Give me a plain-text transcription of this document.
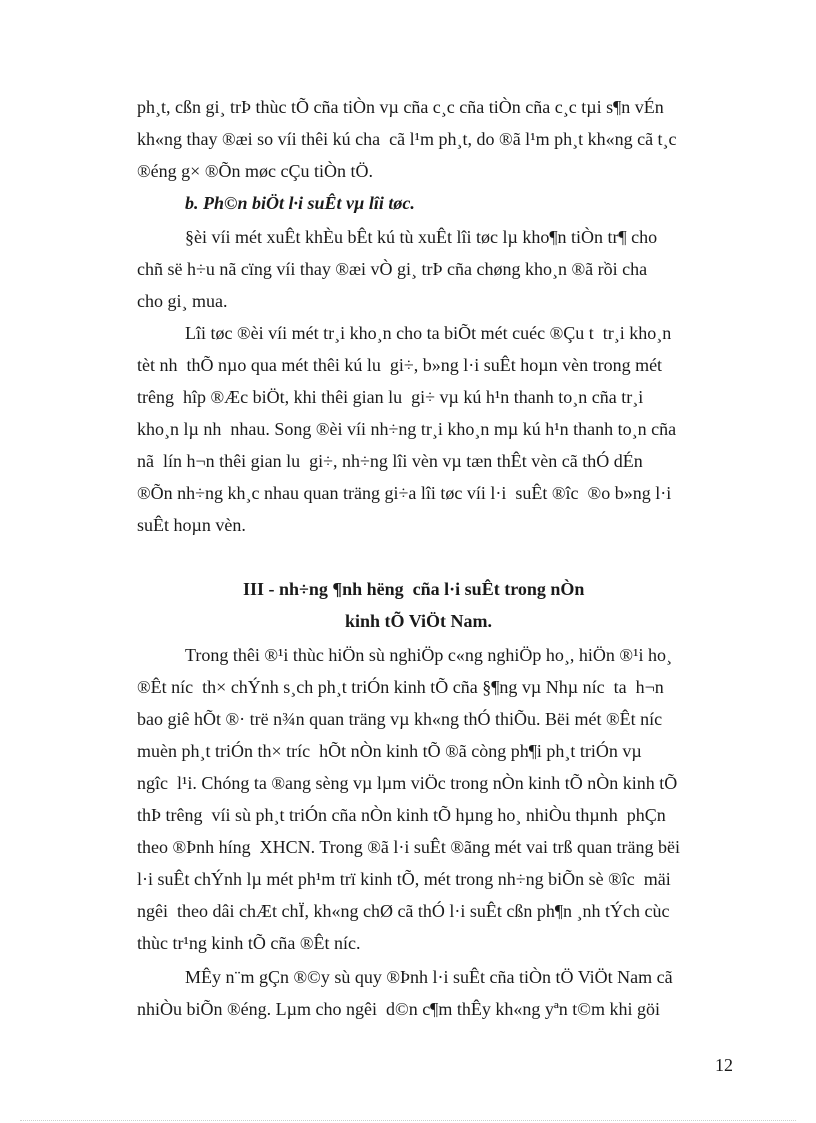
ph¸t, cßn gi¸ trÞ thùc tÕ cña tiÒn vµ cña c¸c cña tiÒn cña c¸c tµi s¶n vÉn
kh«ng thay ®æi so víi thêi kú cha  cã l¹m ph¸t, do ®ã l¹m ph¸t kh«ng cã t¸c
®éng g× ®Õn møc cÇu tiÒn tÖ.
b. Ph©n biÖt l·i suÊt vµ lîi tøc.
§èi víi mét xuÊt khÈu bÊt kú tù xuÊt lîi tøc lµ kho¶n tiÒn tr¶ cho
chñ së h÷u nã cïng víi thay ®æi vÒ gi¸ trÞ cña chøng kho¸n ®ã rồi cha
cho gi¸ mua.
Lîi tøc ®èi víi mét tr¸i kho¸n cho ta biÕt mét cuéc ®Çu t  tr¸i kho¸n
tèt nh  thÕ nµo qua mét thêi kú lu  gi÷, b»ng l·i suÊt hoµn vèn trong mét
trêng  hîp ®Æc biÖt, khi thêi gian lu  gi÷ vµ kú h¹n thanh to¸n cña tr¸i
kho¸n lµ nh  nhau. Song ®èi víi nh÷ng tr¸i kho¸n mµ kú h¹n thanh to¸n cña
nã  lín h¬n thêi gian lu  gi÷, nh÷ng lîi vèn vµ tæn thÊt vèn cã thÓ dÉn
®Õn nh÷ng kh¸c nhau quan träng gi÷a lîi tøc víi l·i  suÊt ®îc  ®o b»ng l·i
suÊt hoµn vèn.
III - nh÷ng ¶nh hëng  cña l·i suÊt trong nÒn
kinh tÕ ViÖt Nam.
Trong thêi ®¹i thùc hiÖn sù nghiÖp c«ng nghiÖp ho¸, hiÖn ®¹i ho¸
®Êt níc  th× chÝnh s¸ch ph¸t triÓn kinh tÕ cña §¶ng vµ Nhµ níc  ta  h¬n
bao giê hÕt ®· trë n¾n quan träng vµ kh«ng thÓ thiÕu. Bëi mét ®Êt níc
muèn ph¸t triÓn th× tríc  hÕt nÒn kinh tÕ ®ã còng ph¶i ph¸t triÓn vµ
ngîc  l¹i. Chóng ta ®ang sèng vµ lµm viÖc trong nÒn kinh tÕ nÒn kinh tÕ
thÞ trêng  víi sù ph¸t triÓn cña nÒn kinh tÕ hµng ho¸ nhiÒu thµnh  phÇn
theo ®Þnh híng  XHCN. Trong ®ã l·i suÊt ®ãng mét vai trß quan träng bëi
l·i suÊt chÝnh lµ mét ph¹m trï kinh tÕ, mét trong nh÷ng biÕn sè ®îc  mäi
ngêi  theo dâi chÆt chÏ, kh«ng chØ cã thÓ l·i suÊt cßn ph¶n ¸nh tÝch cùc
thùc tr¹ng kinh tÕ cña ®Êt níc.
MÊy n¨m gÇn ®©y sù quy ®Þnh l·i suÊt cña tiÒn tÖ ViÖt Nam cã
nhiÒu biÕn ®éng. Lµm cho ngêi  d©n c¶m thÊy kh«ng yªn t©m khi göi
12
